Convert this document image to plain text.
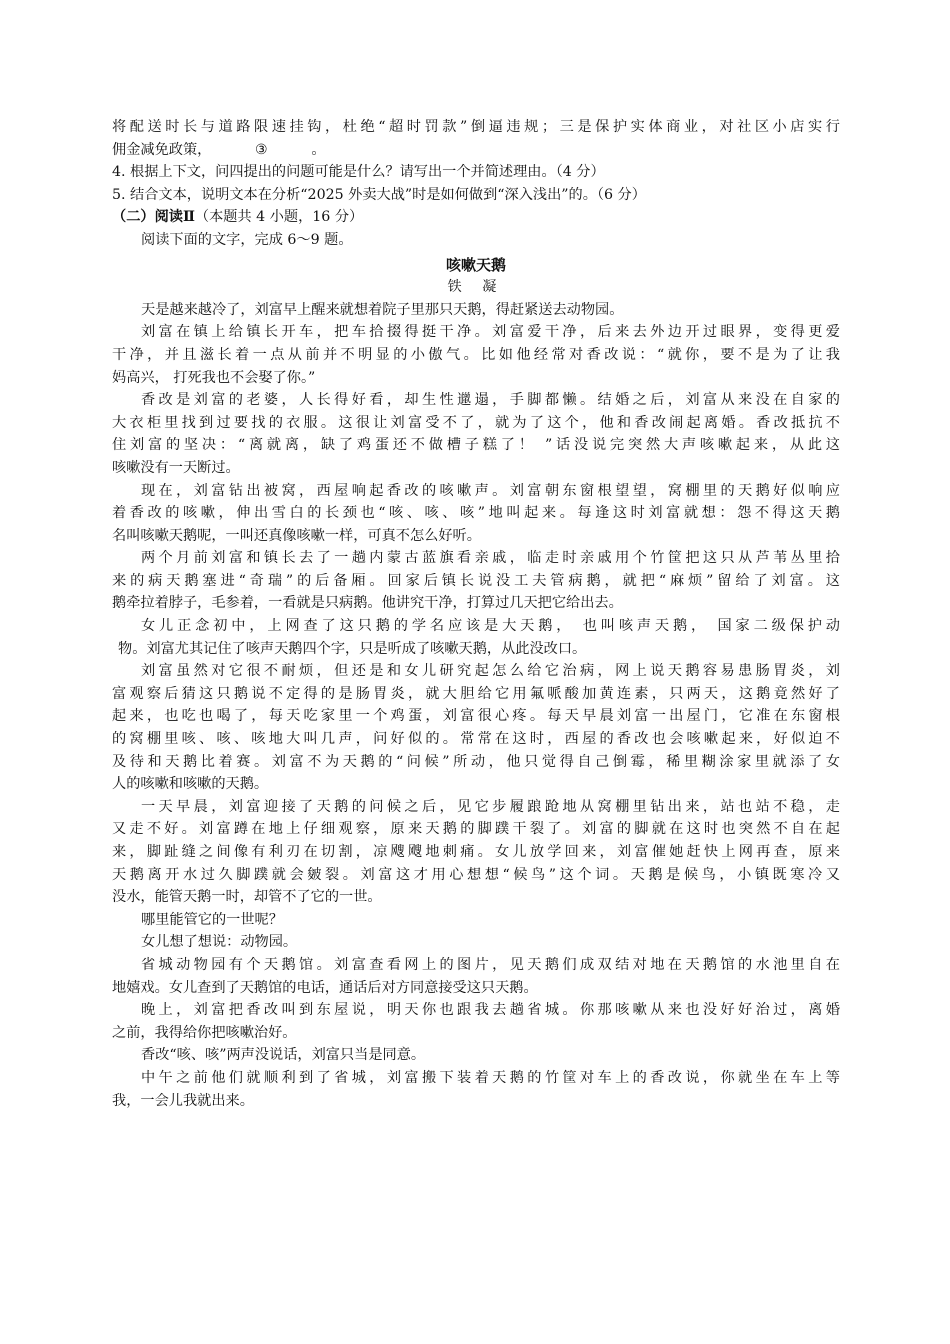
将配送时长与道路限速挂钩，杜绝“超时罚款”倒逼违规；三是保护实体商业，对社区小店实行
佣金减免政策，	③	。
4. 根据上下文，问四提出的问题可能是什么？请写出一个并简述理由。（4 分）
5. 结合文本，说明文本在分析“2025 外卖大战”时是如何做到“深入浅出”的。（6 分）
（二）阅读Ⅱ（本题共 4 小题，16 分）
阅读下面的文字，完成 6～9 题。
咳嗽天鹅
铁 凝
天是越来越冷了，刘富早上醒来就想着院子里那只天鹅，得赶紧送去动物园。
刘富在镇上给镇长开车，把车拾掇得挺干净。刘富爱干净，后来去外边开过眼界，变得更爱
干净，并且滋长着一点从前并不明显的小傲气。比如他经常对香改说：“就你，要不是为了让我
妈高兴， 打死我也不会娶了你。”
香改是刘富的老婆，人长得好看，却生性邋遢，手脚都懒。结婚之后，刘富从来没在自家的
大衣柜里找到过要找的衣服。这很让刘富受不了，就为了这个，他和香改闹起离婚。香改抵抗不
住刘富的坚决：“离就离，缺了鸡蛋还不做槽子糕了！ ”话没说完突然大声咳嗽起来，从此这
咳嗽没有一天断过。
现在，刘富钻出被窝，西屋响起香改的咳嗽声。刘富朝东窗根望望，窝棚里的天鹅好似响应
着香改的咳嗽，伸出雪白的长颈也“咳、咳、咳”地叫起来。每逢这时刘富就想：怨不得这天鹅
名叫咳嗽天鹅呢，一叫还真像咳嗽一样，可真不怎么好听。
两个月前刘富和镇长去了一趟内蒙古蓝旗看亲戚，临走时亲戚用个竹筐把这只从芦苇丛里拾
来的病天鹅塞进“奇瑞”的后备厢。回家后镇长说没工夫管病鹅，就把“麻烦”留给了刘富。这
鹅牵拉着脖子，毛参着，一看就是只病鹅。他讲究干净，打算过几天把它给出去。
女儿正念初中，上网查了这只鹅的学名应该是大天鹅， 也叫咳声天鹅， 国家二级保护动
物。刘富尤其记住了咳声天鹅四个字，只是听成了咳嗽天鹅，从此没改口。
刘富虽然对它很不耐烦，但还是和女儿研究起怎么给它治病，网上说天鹅容易患肠胃炎，刘
富观察后猜这只鹅说不定得的是肠胃炎，就大胆给它用氟哌酸加黄连素，只两天，这鹅竟然好了
起来，也吃也喝了，每天吃家里一个鸡蛋，刘富很心疼。每天早晨刘富一出屋门，它准在东窗根
的窝棚里咳、咳、咳地大叫几声，问好似的。常常在这时，西屋的香改也会咳嗽起来，好似迫不
及待和天鹅比着赛。刘富不为天鹅的“问候”所动，他只觉得自己倒霉，稀里糊涂家里就添了女
人的咳嗽和咳嗽的天鹅。
一天早晨，刘富迎接了天鹅的问候之后，见它步履踉跄地从窝棚里钻出来，站也站不稳，走
又走不好。刘富蹲在地上仔细观察，原来天鹅的脚蹼干裂了。刘富的脚就在这时也突然不自在起
来，脚趾缝之间像有利刃在切割，凉飕飕地刺痛。女儿放学回来，刘富催她赶快上网再查，原来
天鹅离开水过久脚蹼就会皴裂。刘富这才用心想想“候鸟”这个词。天鹅是候鸟，小镇既寒冷又
没水，能管天鹅一时，却管不了它的一世。
哪里能管它的一世呢？
女儿想了想说：动物园。
省城动物园有个天鹅馆。刘富查看网上的图片，见天鹅们成双结对地在天鹅馆的水池里自在
地嬉戏。女儿查到了天鹅馆的电话，通话后对方同意接受这只天鹅。
晚上，刘富把香改叫到东屋说，明天你也跟我去趟省城。你那咳嗽从来也没好好治过，离婚
之前，我得给你把咳嗽治好。
香改“咳、咳”两声没说话，刘富只当是同意。
中午之前他们就顺利到了省城，刘富搬下装着天鹅的竹筐对车上的香改说，你就坐在车上等
我，一会儿我就出来。
